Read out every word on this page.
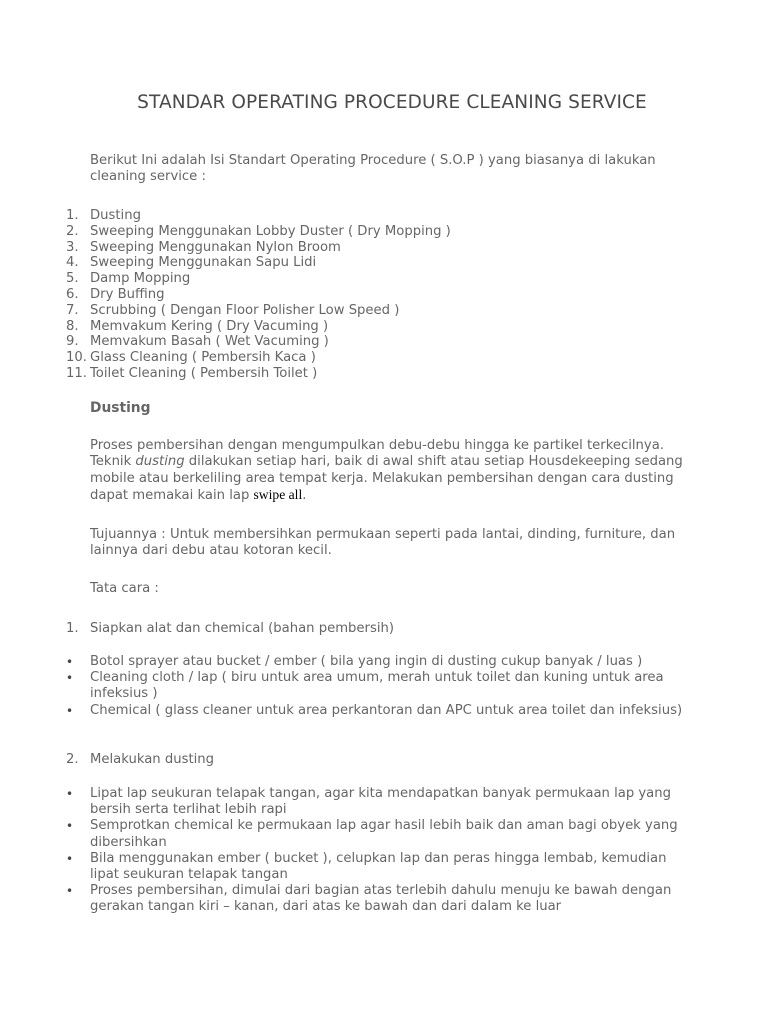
STANDAR OPERATING PROCEDURE CLEANING SERVICE
Berikut Ini adalah Isi Standart Operating Procedure ( S.O.P ) yang biasanya di lakukan cleaning service :
1. Dusting
2. Sweeping Menggunakan Lobby Duster ( Dry Mopping )
3. Sweeping Menggunakan Nylon Broom
4. Sweeping Menggunakan Sapu Lidi
5. Damp Mopping
6. Dry Buffing
7. Scrubbing ( Dengan Floor Polisher Low Speed )
8. Memvakum Kering ( Dry Vacuming )
9. Memvakum Basah ( Wet Vacuming )
10. Glass Cleaning ( Pembersih Kaca )
11. Toilet Cleaning ( Pembersih Toilet )
Dusting
Proses pembersihan dengan mengumpulkan debu-debu hingga ke partikel terkecilnya. Teknik dusting dilakukan setiap hari, baik di awal shift atau setiap Housdekeeping sedang mobile atau berkeliling area tempat kerja. Melakukan pembersihan dengan cara dusting dapat memakai kain lap swipe all.
Tujuannya : Untuk membersihkan permukaan seperti pada lantai, dinding, furniture, dan lainnya dari debu atau kotoran kecil.
Tata cara :
1. Siapkan alat dan chemical (bahan pembersih)
• Botol sprayer atau bucket / ember ( bila yang ingin di dusting cukup banyak / luas )
• Cleaning cloth / lap ( biru untuk area umum, merah untuk toilet dan kuning untuk area infeksius )
• Chemical ( glass cleaner untuk area perkantoran dan APC untuk area toilet dan infeksius)
2. Melakukan dusting
• Lipat lap seukuran telapak tangan, agar kita mendapatkan banyak permukaan lap yang bersih serta terlihat lebih rapi
• Semprotkan chemical ke permukaan lap agar hasil lebih baik dan aman bagi obyek yang dibersihkan
• Bila menggunakan ember ( bucket ), celupkan lap dan peras hingga lembab, kemudian lipat seukuran telapak tangan
• Proses pembersihan, dimulai dari bagian atas terlebih dahulu menuju ke bawah dengan gerakan tangan kiri – kanan, dari atas ke bawah dan dari dalam ke luar
